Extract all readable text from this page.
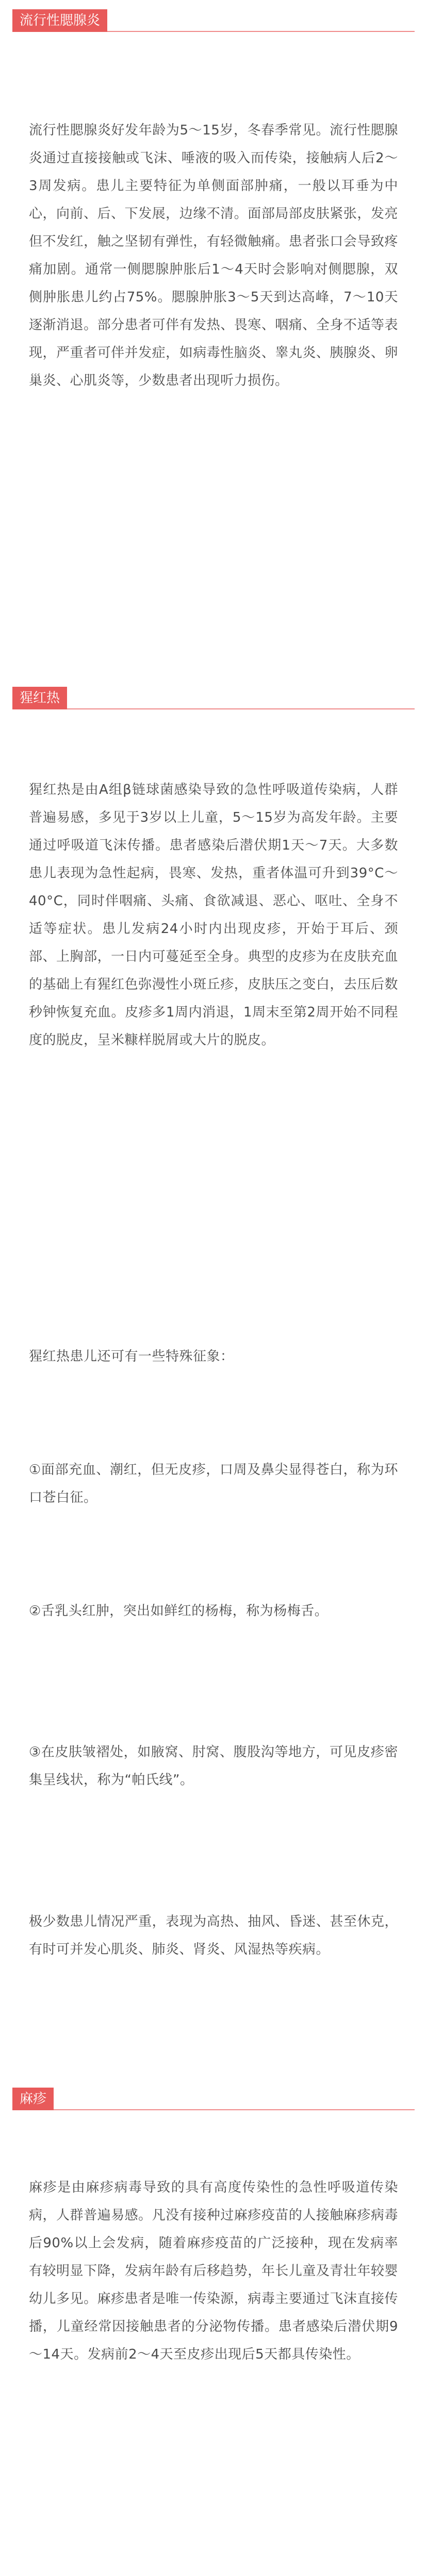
流行性腮腺炎

流行性腮腺炎好发年龄为5～15岁，冬春季常见。流行性腮腺炎通过直接接触或飞沫、唾液的吸入而传染，接触病人后2～3周发病。患儿主要特征为单侧面部肿痛，一般以耳垂为中心，向前、后、下发展，边缘不清。面部局部皮肤紧张，发亮但不发红，触之坚韧有弹性，有轻微触痛。患者张口会导致疼痛加剧。通常一侧腮腺肿胀后1～4天时会影响对侧腮腺，双侧肿胀患儿约占75%。腮腺肿胀3～5天到达高峰，7～10天逐渐消退。部分患者可伴有发热、畏寒、咽痛、全身不适等表现，严重者可伴并发症，如病毒性脑炎、睾丸炎、胰腺炎、卵巢炎、心肌炎等，少数患者出现听力损伤。

猩红热

猩红热是由A组β链球菌感染导致的急性呼吸道传染病，人群普遍易感，多见于3岁以上儿童，5～15岁为高发年龄。主要通过呼吸道飞沫传播。患者感染后潜伏期1天～7天。大多数患儿表现为急性起病，畏寒、发热，重者体温可升到39°C～40°C，同时伴咽痛、头痛、食欲减退、恶心、呕吐、全身不适等症状。患儿发病24小时内出现皮疹，开始于耳后、颈部、上胸部，一日内可蔓延至全身。典型的皮疹为在皮肤充血的基础上有猩红色弥漫性小斑丘疹，皮肤压之变白，去压后数秒钟恢复充血。皮疹多1周内消退，1周末至第2周开始不同程度的脱皮，呈米糠样脱屑或大片的脱皮。

猩红热患儿还可有一些特殊征象：

①面部充血、潮红，但无皮疹，口周及鼻尖显得苍白，称为环口苍白征。

②舌乳头红肿，突出如鲜红的杨梅，称为杨梅舌。

③在皮肤皱褶处，如腋窝、肘窝、腹股沟等地方，可见皮疹密集呈线状，称为“帕氏线”。

极少数患儿情况严重，表现为高热、抽风、昏迷、甚至休克，有时可并发心肌炎、肺炎、肾炎、风湿热等疾病。

麻疹

麻疹是由麻疹病毒导致的具有高度传染性的急性呼吸道传染病，人群普遍易感。凡没有接种过麻疹疫苗的人接触麻疹病毒后90%以上会发病，随着麻疹疫苗的广泛接种，现在发病率有较明显下降，发病年龄有后移趋势，年长儿童及青壮年较婴幼儿多见。麻疹患者是唯一传染源，病毒主要通过飞沫直接传播，儿童经常因接触患者的分泌物传播。患者感染后潜伏期9～14天。发病前2～4天至皮疹出现后5天都具传染性。
